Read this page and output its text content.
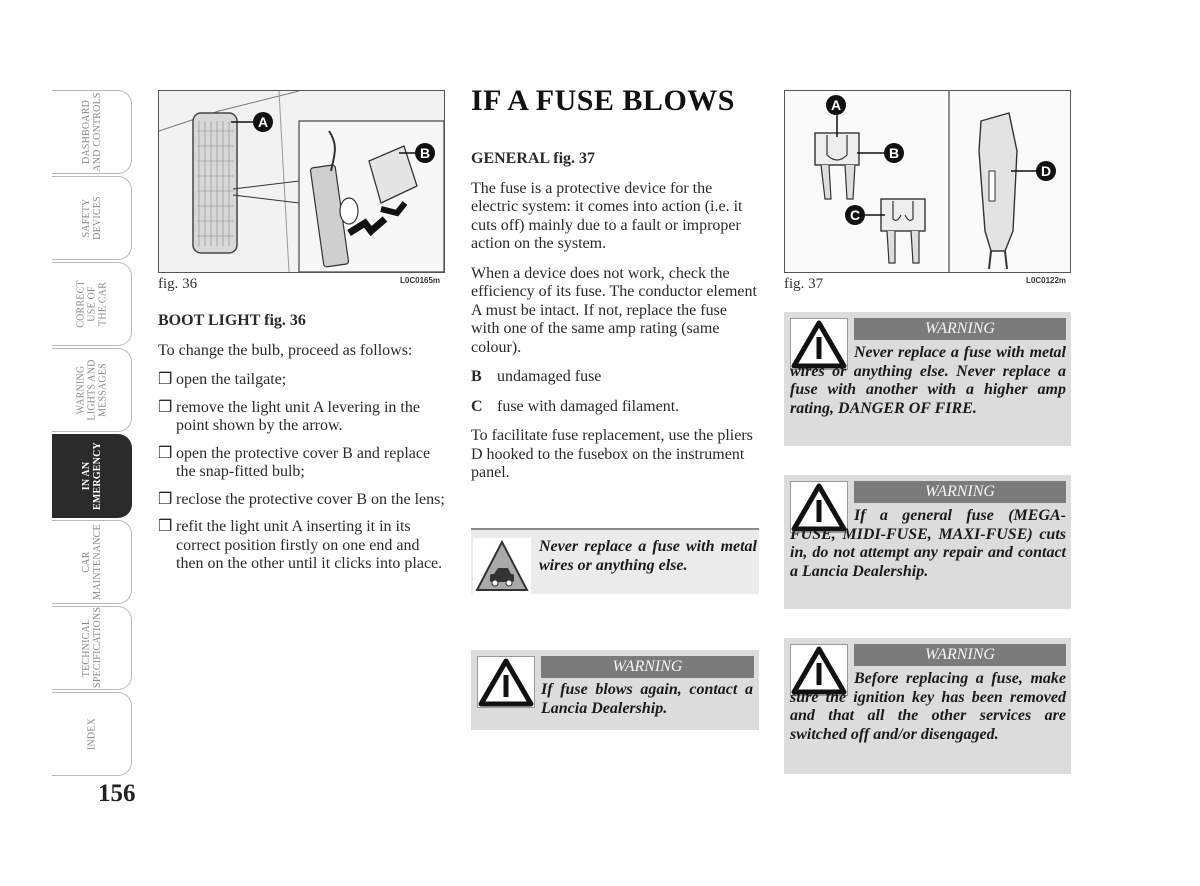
DASHBOARD
AND CONTROLS
SAFETY
DEVICES
CORRECT
USE OF
THE CAR
WARNING
LIGHTS AND
MESSAGES
IN AN
EMERGENCY
CAR
MAINTENANCE
TECHNICAL
SPECIFICATIONS
INDEX
156
A
B
fig. 36	L0C0165m
BOOT LIGHT fig. 36

To change the bulb, proceed as follows:

❒ open the tailgate;
❒ remove the light unit A levering in the point shown by the arrow.
❒ open the protective cover B and replace the snap-fitted bulb;
❒ reclose the protective cover B on the lens;
❒ refit the light unit A inserting it in its correct position firstly on one end and then on the other until it clicks into place.
IF A FUSE BLOWS
GENERAL fig. 37

The fuse is a protective device for the electric system: it comes into action (i.e. it cuts off) mainly due to a fault or improper action on the system.

When a device does not work, check the efficiency of its fuse. The conductor element A must be intact. If not, replace the fuse with one of the same amp rating (same colour).

B undamaged fuse
C fuse with damaged filament.

To facilitate fuse replacement, use the pliers D hooked to the fusebox on the instrument panel.

Never replace a fuse with metal wires or anything else.
WARNING
If fuse blows again, contact a Lancia Dealership.
A
B
C
D
fig. 37	L0C0122m
WARNING
Never replace a fuse with metal wires or anything else. Never replace a fuse with another with a higher amp rating, DANGER OF FIRE.
WARNING
If a general fuse (MEGA-FUSE, MIDI-FUSE, MAXI-FUSE) cuts in, do not attempt any repair and contact a Lancia Dealership.
WARNING
Before replacing a fuse, make sure the ignition key has been removed and that all the other services are switched off and/or disengaged.
